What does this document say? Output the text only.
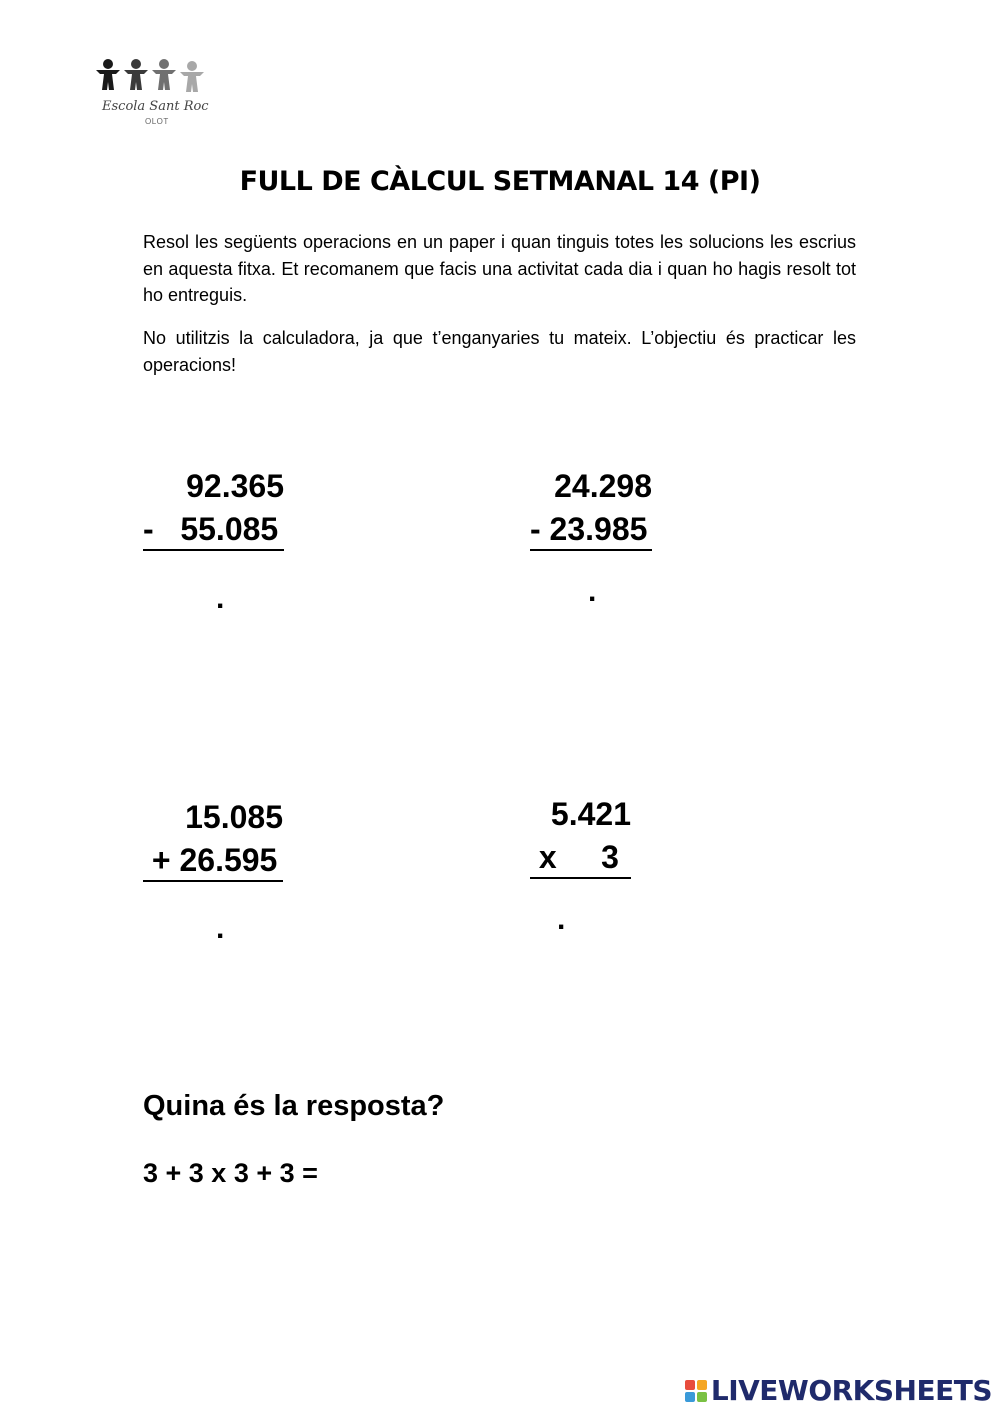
Escola Sant Roc
OLOT
FULL DE CÀLCUL SETMANAL 14 (PI)
Resol les següents operacions en un paper i quan tinguis totes les solucions les escrius en aquesta fitxa. Et recomanem que facis una activitat cada dia i quan ho hagis resolt tot ho entreguis.
No utilitzis la calculadora, ja que t’enganyaries tu mateix. L’objectiu és practicar les operacions!
92.365
-   55.085
.
24.298
- 23.985
.
15.085
+ 26.595
.
5.421
x     3
.
Quina és la resposta?
3 + 3 x 3 + 3 =
LIVEWORKSHEETS
